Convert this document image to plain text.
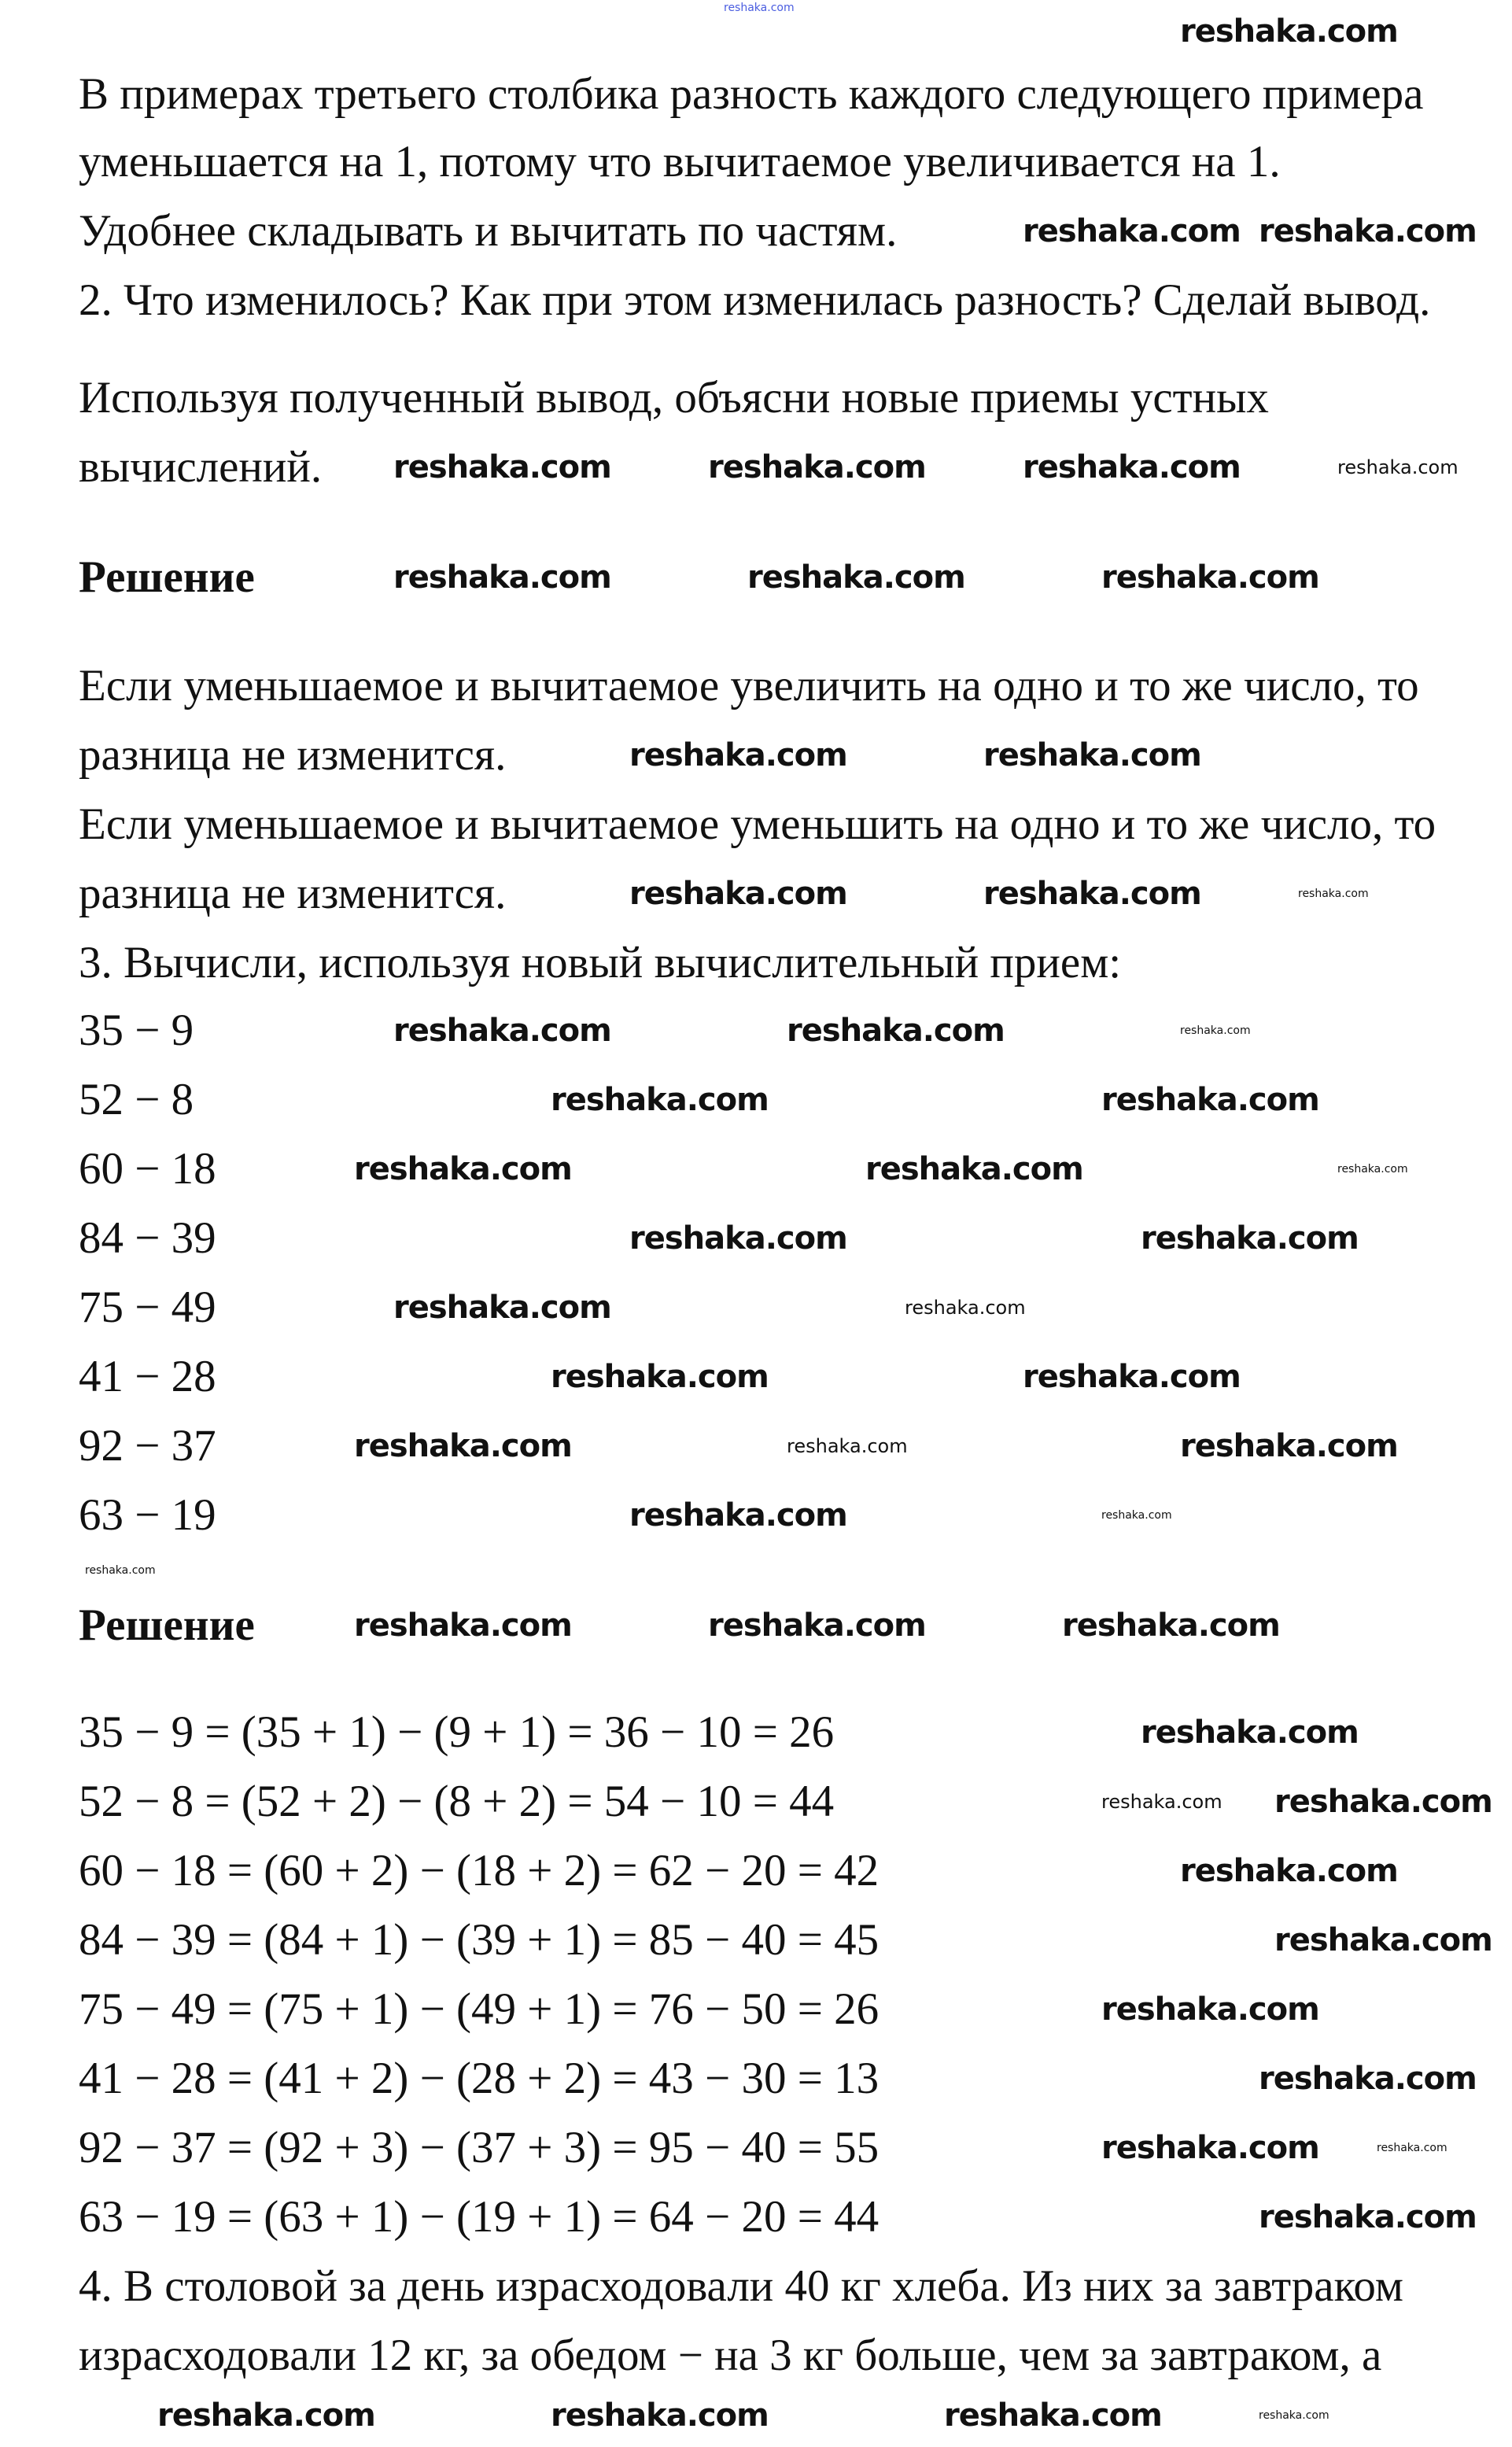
В примерах третьего столбика разность каждого следующего примера
уменьшается на 1, потому что вычитаемое увеличивается на 1.
Удобнее складывать и вычитать по частям.
2. Что изменилось? Как при этом изменилась разность? Сделай вывод.
Используя полученный вывод, объясни новые приемы устных
вычислений.
Решение
Если уменьшаемое и вычитаемое увеличить на одно и то же число, то
разница не изменится.
Если уменьшаемое и вычитаемое уменьшить на одно и то же число, то
разница не изменится.
3. Вычисли, используя новый вычислительный прием:
35 − 9
52 − 8
60 − 18
84 − 39
75 − 49
41 − 28
92 − 37
63 − 19
Решение
35 − 9 = (35 + 1) − (9 + 1) = 36 − 10 = 26
52 − 8 = (52 + 2) − (8 + 2) = 54 − 10 = 44
60 − 18 = (60 + 2) − (18 + 2) = 62 − 20 = 42
84 − 39 = (84 + 1) − (39 + 1) = 85 − 40 = 45
75 − 49 = (75 + 1) − (49 + 1) = 76 − 50 = 26
41 − 28 = (41 + 2) − (28 + 2) = 43 − 30 = 13
92 − 37 = (92 + 3) − (37 + 3) = 95 − 40 = 55
63 − 19 = (63 + 1) − (19 + 1) = 64 − 20 = 44
4. В столовой за день израсходовали 40 кг хлеба. Из них за завтраком
израсходовали 12 кг, за обедом − на 3 кг больше, чем за завтраком, а
reshaka.com
reshaka.com
reshaka.com reshaka.com
reshaka.com	reshaka.com	reshaka.com	reshaka.com
reshaka.com	reshaka.com	reshaka.com
reshaka.com	reshaka.com
reshaka.com	reshaka.com	reshaka.com
reshaka.com	reshaka.com	reshaka.com
reshaka.com	reshaka.com
reshaka.com	reshaka.com	reshaka.com
reshaka.com	reshaka.com
reshaka.com	reshaka.com
reshaka.com	reshaka.com
reshaka.com	reshaka.com	reshaka.com
reshaka.com	reshaka.com
reshaka.com
reshaka.com	reshaka.com	reshaka.com
reshaka.com
reshaka.com reshaka.com
reshaka.com
reshaka.com
reshaka.com
reshaka.com
reshaka.com	reshaka.com
reshaka.com
reshaka.com	reshaka.com	reshaka.com	reshaka.com
